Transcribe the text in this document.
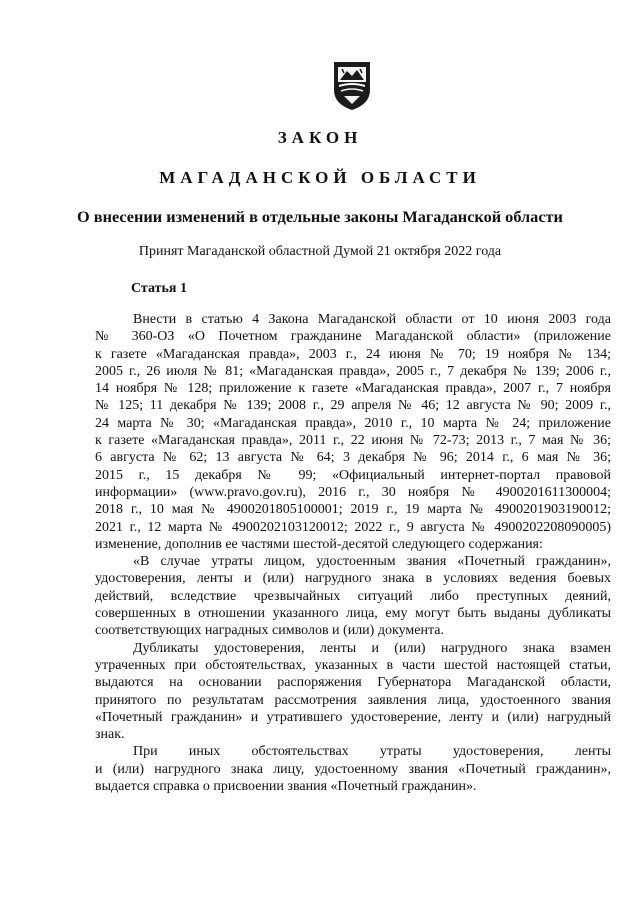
ЗАКОН
МАГАДАНСКОЙ ОБЛАСТИ
О внесении изменений в отдельные законы Магаданской области
Принят Магаданской областной Думой 21 октября 2022 года
Статья 1
Внести в статью 4 Закона Магаданской области от 10 июня 2003 года
№ 360-ОЗ «О Почетном гражданине Магаданской области» (приложение
к газете «Магаданская правда», 2003 г., 24 июня № 70; 19 ноября № 134;
2005 г., 26 июля № 81; «Магаданская правда», 2005 г., 7 декабря № 139; 2006 г.,
14 ноября № 128; приложение к газете «Магаданская правда», 2007 г., 7 ноября
№ 125; 11 декабря № 139; 2008 г., 29 апреля № 46; 12 августа № 90; 2009 г.,
24 марта № 30; «Магаданская правда», 2010 г., 10 марта № 24; приложение
к газете «Магаданская правда», 2011 г., 22 июня № 72-73; 2013 г., 7 мая № 36;
6 августа № 62; 13 августа № 64; 3 декабря № 96; 2014 г., 6 мая № 36;
2015 г., 15 декабря № 99; «Официальный интернет-портал правовой
информации» (www.pravo.gov.ru), 2016 г., 30 ноября № 4900201611300004;
2018 г., 10 мая № 4900201805100001; 2019 г., 19 марта № 4900201903190012;
2021 г., 12 марта № 4900202103120012; 2022 г., 9 августа № 4900202208090005)
изменение, дополнив ее частями шестой-десятой следующего содержания:
«В случае утраты лицом, удостоенным звания «Почетный гражданин»,
удостоверения, ленты и (или) нагрудного знака в условиях ведения боевых
действий, вследствие чрезвычайных ситуаций либо преступных деяний,
совершенных в отношении указанного лица, ему могут быть выданы дубликаты
соответствующих наградных символов и (или) документа.
Дубликаты удостоверения, ленты и (или) нагрудного знака взамен
утраченных при обстоятельствах, указанных в части шестой настоящей статьи,
выдаются на основании распоряжения Губернатора Магаданской области,
принятого по результатам рассмотрения заявления лица, удостоенного звания
«Почетный гражданин» и утратившего удостоверение, ленту и (или) нагрудный
знак.
При иных обстоятельствах утраты удостоверения, ленты
и (или) нагрудного знака лицу, удостоенному звания «Почетный гражданин»,
выдается справка о присвоении звания «Почетный гражданин».
